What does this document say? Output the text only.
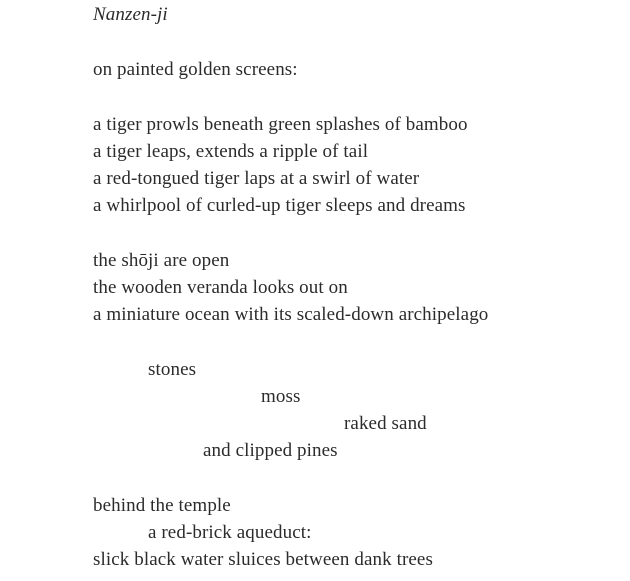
Nanzen-ji
on painted golden screens:
a tiger prowls beneath green splashes of bamboo
a tiger leaps, extends a ripple of tail
a red-tongued tiger laps at a swirl of water
a whirlpool of curled-up tiger sleeps and dreams
the shōji are open
the wooden veranda looks out on
a miniature ocean with its scaled-down archipelago
stones
moss
raked sand
and clipped pines
behind the temple
a red-brick aqueduct:
slick black water sluices between dank trees
